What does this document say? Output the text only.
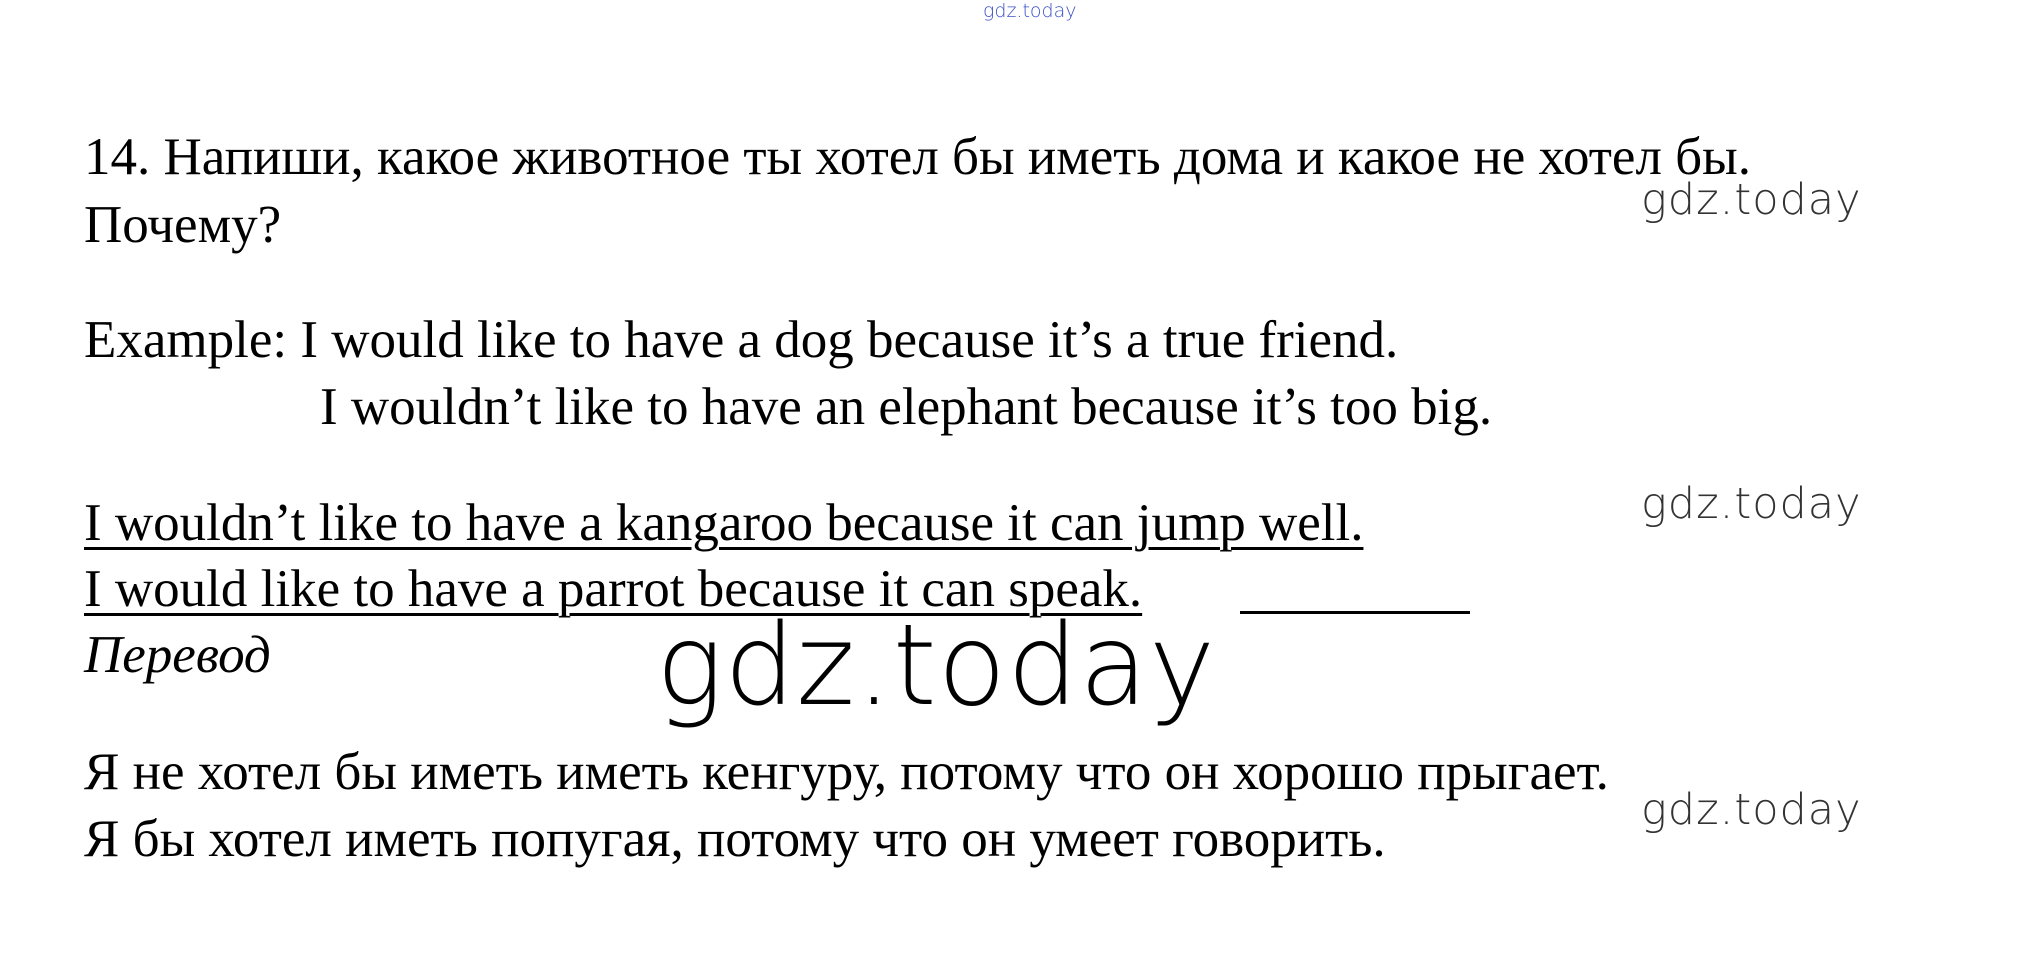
gdz.today
14. Напиши, какое животное ты хотел бы иметь дома и какое не хотел бы.
Почему?	gdz.today
Example: I would like to have a dog because it’s a true friend.
I wouldn’t like to have an elephant because it’s too big.
I wouldn’t like to have a kangaroo because it can jump well.	gdz.today
I would like to have a parrot because it can speak.
Перевод	gdz.today
Я не хотел бы иметь иметь кенгуру, потому что он хорошо прыгает.
gdz.today
Я бы хотел иметь попугая, потому что он умеет говорить.
